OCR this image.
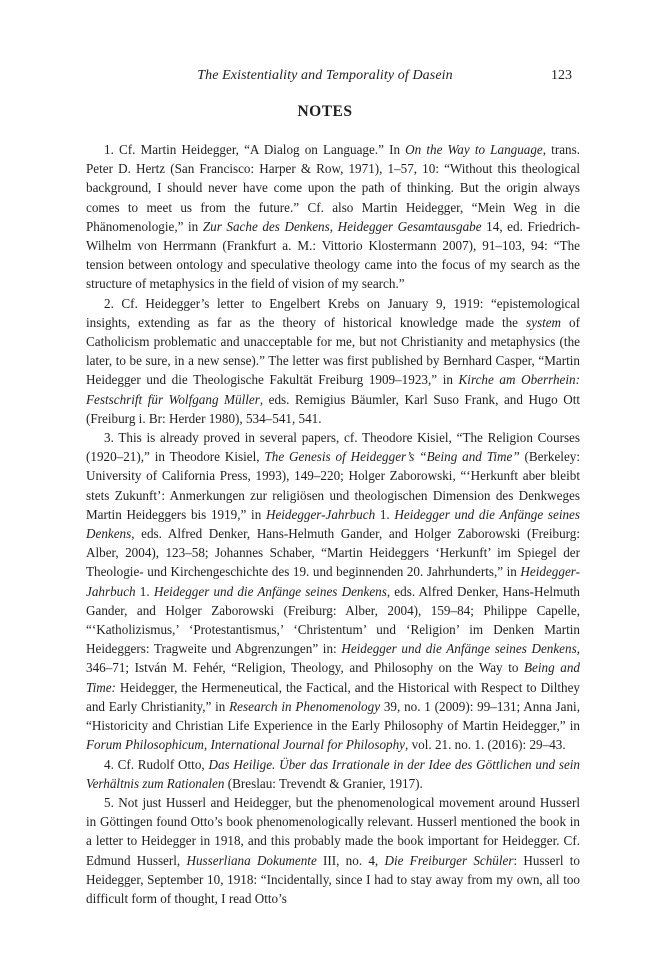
The Existentiality and Temporality of Dasein	123
NOTES

1. Cf. Martin Heidegger, “A Dialog on Language.” In On the Way to Language, trans. Peter D. Hertz (San Francisco: Harper & Row, 1971), 1–57, 10: “Without this theological background, I should never have come upon the path of thinking. But the origin always comes to meet us from the future.” Cf. also Martin Heidegger, “Mein Weg in die Phänomenologie,” in Zur Sache des Denkens, Heidegger Gesamtausgabe 14, ed. Friedrich-Wilhelm von Herrmann (Frankfurt a. M.: Vittorio Klostermann 2007), 91–103, 94: “The tension between ontology and speculative theology came into the focus of my search as the structure of metaphysics in the field of vision of my search.”

2. Cf. Heidegger’s letter to Engelbert Krebs on January 9, 1919: “epistemological insights, extending as far as the theory of historical knowledge made the system of Catholicism problematic and unacceptable for me, but not Christianity and metaphysics (the later, to be sure, in a new sense).” The letter was first published by Bernhard Casper, “Martin Heidegger und die Theologische Fakultät Freiburg 1909–1923,” in Kirche am Oberrhein: Festschrift für Wolfgang Müller, eds. Remigius Bäumler, Karl Suso Frank, and Hugo Ott (Freiburg i. Br: Herder 1980), 534–541, 541.

3. This is already proved in several papers, cf. Theodore Kisiel, “The Religion Courses (1920–21),” in Theodore Kisiel, The Genesis of Heidegger’s “Being and Time” (Berkeley: University of California Press, 1993), 149–220; Holger Zaborowski, “‘Herkunft aber bleibt stets Zukunft’: Anmerkungen zur religiösen und theologischen Dimension des Denkweges Martin Heideggers bis 1919,” in Heidegger-Jahrbuch 1. Heidegger und die Anfänge seines Denkens, eds. Alfred Denker, Hans-Helmuth Gander, and Holger Zaborowski (Freiburg: Alber, 2004), 123–58; Johannes Schaber, “Martin Heideggers ‘Herkunft’ im Spiegel der Theologie- und Kirchengeschichte des 19. und beginnenden 20. Jahrhunderts,” in Heidegger-Jahrbuch 1. Heidegger und die Anfänge seines Denkens, eds. Alfred Denker, Hans-Helmuth Gander, and Holger Zaborowski (Freiburg: Alber, 2004), 159–84; Philippe Capelle, “‘Katholizismus,’ ‘Protestantismus,’ ‘Christentum’ und ‘Religion’ im Denken Martin Heideggers: Tragweite und Abgrenzungen” in: Heidegger und die Anfänge seines Denkens, 346–71; István M. Fehér, “Religion, Theology, and Philosophy on the Way to Being and Time: Heidegger, the Hermeneutical, the Factical, and the Historical with Respect to Dilthey and Early Christianity,” in Research in Phenomenology 39, no. 1 (2009): 99–131; Anna Jani, “Historicity and Christian Life Experience in the Early Philosophy of Martin Heidegger,” in Forum Philosophicum, International Journal for Philosophy, vol. 21. no. 1. (2016): 29–43.

4. Cf. Rudolf Otto, Das Heilige. Über das Irrationale in der Idee des Göttlichen und sein Verhältnis zum Rationalen (Breslau: Trevendt & Granier, 1917).

5. Not just Husserl and Heidegger, but the phenomenological movement around Husserl in Göttingen found Otto’s book phenomenologically relevant. Husserl mentioned the book in a letter to Heidegger in 1918, and this probably made the book important for Heidegger. Cf. Edmund Husserl, Husserliana Dokumente III, no. 4, Die Freiburger Schüler: Husserl to Heidegger, September 10, 1918: “Incidentally, since I had to stay away from my own, all too difficult form of thought, I read Otto’s
